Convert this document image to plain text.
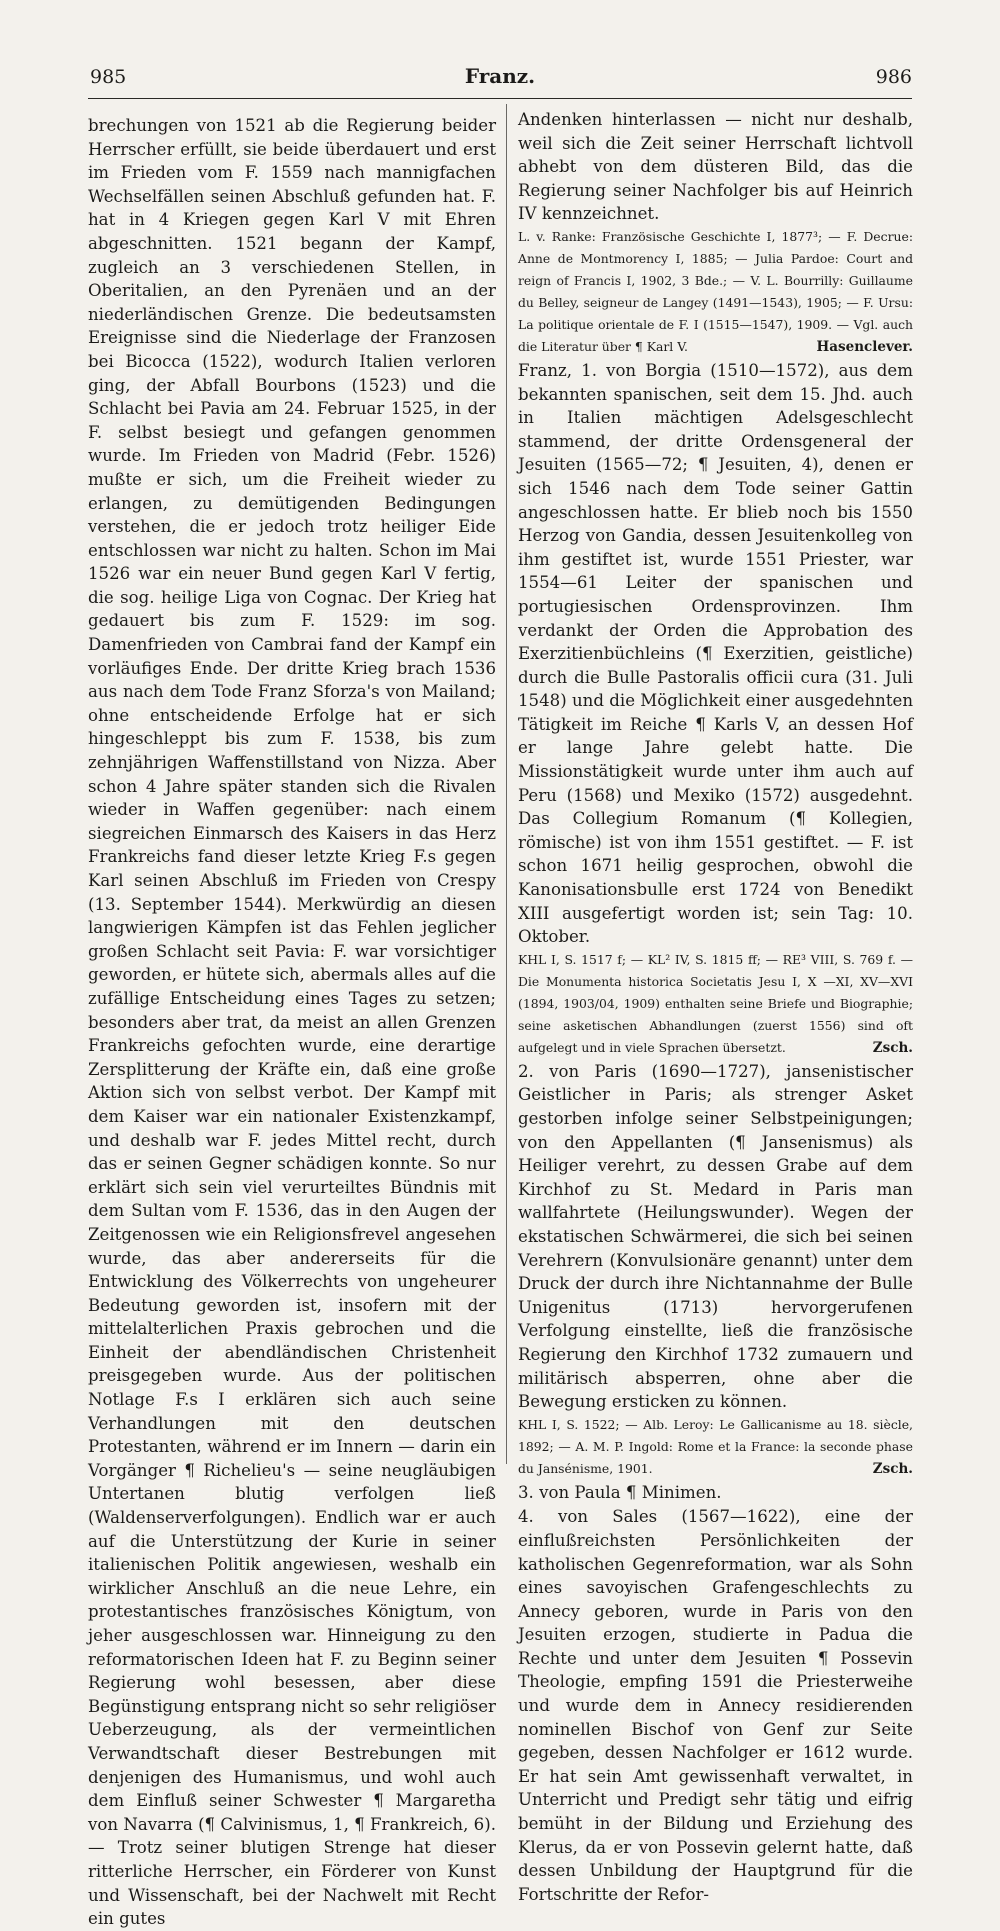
985	Franz.	986

brechungen von 1521 ab die Regierung beider Herrscher erfüllt, sie beide überdauert und erst im Frieden vom F. 1559 nach mannigfachen Wechselfällen seinen Abschluß gefunden hat. F. hat in 4 Kriegen gegen Karl V mit Ehren abgeschnitten. 1521 begann der Kampf, zugleich an 3 verschiedenen Stellen, in Oberitalien, an den Pyrenäen und an der niederländischen Grenze. Die bedeutsamsten Ereignisse sind die Niederlage der Franzosen bei Bicocca (1522), wodurch Italien verloren ging, der Abfall Bourbons (1523) und die Schlacht bei Pavia am 24. Februar 1525, in der F. selbst besiegt und gefangen genommen wurde. Im Frieden von Madrid (Febr. 1526) mußte er sich, um die Freiheit wieder zu erlangen, zu demütigenden Bedingungen verstehen, die er jedoch trotz heiliger Eide entschlossen war nicht zu halten. Schon im Mai 1526 war ein neuer Bund gegen Karl V fertig, die sog. heilige Liga von Cognac. Der Krieg hat gedauert bis zum F. 1529: im sog. Damenfrieden von Cambrai fand der Kampf ein vorläufiges Ende. Der dritte Krieg brach 1536 aus nach dem Tode Franz Sforza's von Mailand; ohne entscheidende Erfolge hat er sich hingeschleppt bis zum F. 1538, bis zum zehnjährigen Waffenstillstand von Nizza. Aber schon 4 Jahre später standen sich die Rivalen wieder in Waffen gegenüber: nach einem siegreichen Einmarsch des Kaisers in das Herz Frankreichs fand dieser letzte Krieg F.s gegen Karl seinen Abschluß im Frieden von Crespy (13. September 1544). Merkwürdig an diesen langwierigen Kämpfen ist das Fehlen jeglicher großen Schlacht seit Pavia: F. war vorsichtiger geworden, er hütete sich, abermals alles auf die zufällige Entscheidung eines Tages zu setzen; besonders aber trat, da meist an allen Grenzen Frankreichs gefochten wurde, eine derartige Zersplitterung der Kräfte ein, daß eine große Aktion sich von selbst verbot. Der Kampf mit dem Kaiser war ein nationaler Existenzkampf, und deshalb war F. jedes Mittel recht, durch das er seinen Gegner schädigen konnte. So nur erklärt sich sein viel verurteiltes Bündnis mit dem Sultan vom F. 1536, das in den Augen der Zeitgenossen wie ein Religionsfrevel angesehen wurde, das aber andererseits für die Entwicklung des Völkerrechts von ungeheurer Bedeutung geworden ist, insofern mit der mittelalterlichen Praxis gebrochen und die Einheit der abendländischen Christenheit preisgegeben wurde. Aus der politischen Notlage F.s I erklären sich auch seine Verhandlungen mit den deutschen Protestanten, während er im Innern — darin ein Vorgänger ¶ Richelieu's — seine neugläubigen Untertanen blutig verfolgen ließ (Waldenserverfolgungen). Endlich war er auch auf die Unterstützung der Kurie in seiner italienischen Politik angewiesen, weshalb ein wirklicher Anschluß an die neue Lehre, ein protestantisches französisches Königtum, von jeher ausgeschlossen war. Hinneigung zu den reformatorischen Ideen hat F. zu Beginn seiner Regierung wohl besessen, aber diese Begünstigung entsprang nicht so sehr religiöser Ueberzeugung, als der vermeintlichen Verwandtschaft dieser Bestrebungen mit denjenigen des Humanismus, und wohl auch dem Einfluß seiner Schwester ¶ Margaretha von Navarra (¶ Calvinismus, 1, ¶ Frankreich, 6). — Trotz seiner blutigen Strenge hat dieser ritterliche Herrscher, ein Förderer von Kunst und Wissenschaft, bei der Nachwelt mit Recht ein gutes

Andenken hinterlassen — nicht nur deshalb, weil sich die Zeit seiner Herrschaft lichtvoll abhebt von dem düsteren Bild, das die Regierung seiner Nachfolger bis auf Heinrich IV kennzeichnet.

L. v. Ranke: Französische Geschichte I, 1877³; — F. Decrue: Anne de Montmorency I, 1885; — Julia Pardoe: Court and reign of Francis I, 1902, 3 Bde.; — V. L. Bourrilly: Guillaume du Belley, seigneur de Langey (1491—1543), 1905; — F. Ursu: La politique orientale de F. I (1515—1547), 1909. — Vgl. auch die Literatur über ¶ Karl V.	Hasenclever.

Franz, 1. von Borgia (1510—1572), aus dem bekannten spanischen, seit dem 15. Jhd. auch in Italien mächtigen Adelsgeschlecht stammend, der dritte Ordensgeneral der Jesuiten (1565—72; ¶ Jesuiten, 4), denen er sich 1546 nach dem Tode seiner Gattin angeschlossen hatte. Er blieb noch bis 1550 Herzog von Gandia, dessen Jesuitenkolleg von ihm gestiftet ist, wurde 1551 Priester, war 1554—61 Leiter der spanischen und portugiesischen Ordensprovinzen. Ihm verdankt der Orden die Approbation des Exerzitienbüchleins (¶ Exerzitien, geistliche) durch die Bulle Pastoralis officii cura (31. Juli 1548) und die Möglichkeit einer ausgedehnten Tätigkeit im Reiche ¶ Karls V, an dessen Hof er lange Jahre gelebt hatte. Die Missionstätigkeit wurde unter ihm auch auf Peru (1568) und Mexiko (1572) ausgedehnt. Das Collegium Romanum (¶ Kollegien, römische) ist von ihm 1551 gestiftet. — F. ist schon 1671 heilig gesprochen, obwohl die Kanonisationsbulle erst 1724 von Benedikt XIII ausgefertigt worden ist; sein Tag: 10. Oktober.

KHL I, S. 1517 f; — KL² IV, S. 1815 ff; — RE³ VIII, S. 769 f. — Die Monumenta historica Societatis Jesu I, X —XI, XV—XVI (1894, 1903/04, 1909) enthalten seine Briefe und Biographie; seine asketischen Abhandlungen (zuerst 1556) sind oft aufgelegt und in viele Sprachen übersetzt.	Zsch.

2. von Paris (1690—1727), jansenistischer Geistlicher in Paris; als strenger Asket gestorben infolge seiner Selbstpeinigungen; von den Appellanten (¶ Jansenismus) als Heiliger verehrt, zu dessen Grabe auf dem Kirchhof zu St. Medard in Paris man wallfahrtete (Heilungswunder). Wegen der ekstatischen Schwärmerei, die sich bei seinen Verehrern (Konvulsionäre genannt) unter dem Druck der durch ihre Nichtannahme der Bulle Unigenitus (1713) hervorgerufenen Verfolgung einstellte, ließ die französische Regierung den Kirchhof 1732 zumauern und militärisch absperren, ohne aber die Bewegung ersticken zu können.

KHL I, S. 1522; — Alb. Leroy: Le Gallicanisme au 18. siècle, 1892; — A. M. P. Ingold: Rome et la France: la seconde phase du Jansénisme, 1901.	Zsch.

3. von Paula ¶ Minimen.

4. von Sales (1567—1622), eine der einflußreichsten Persönlichkeiten der katholischen Gegenreformation, war als Sohn eines savoyischen Grafengeschlechts zu Annecy geboren, wurde in Paris von den Jesuiten erzogen, studierte in Padua die Rechte und unter dem Jesuiten ¶ Possevin Theologie, empfing 1591 die Priesterweihe und wurde dem in Annecy residierenden nominellen Bischof von Genf zur Seite gegeben, dessen Nachfolger er 1612 wurde. Er hat sein Amt gewissenhaft verwaltet, in Unterricht und Predigt sehr tätig und eifrig bemüht in der Bildung und Erziehung des Klerus, da er von Possevin gelernt hatte, daß dessen Unbildung der Hauptgrund für die Fortschritte der Refor-
